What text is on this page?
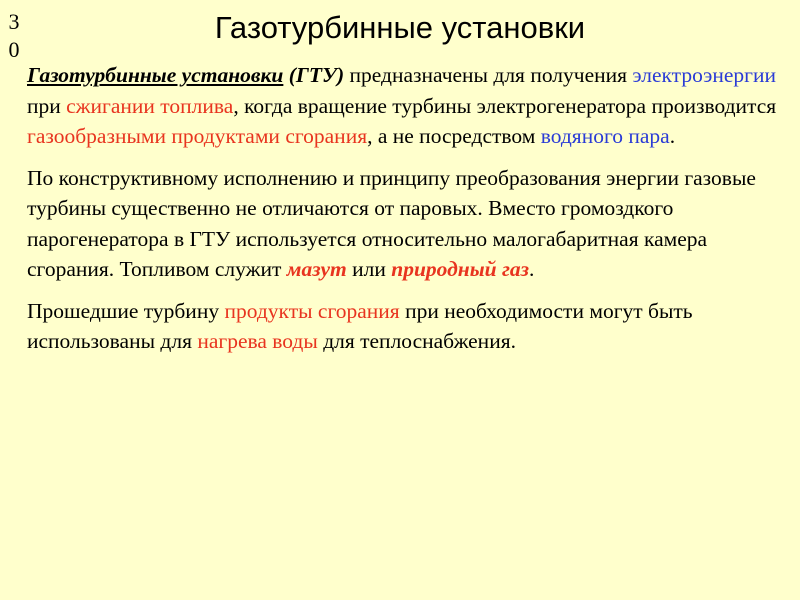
3
0
Газотурбинные установки

Газотурбинные установки (ГТУ) предназначены для получения электроэнергии при сжигании топлива, когда вращение турбины электрогенератора производится газообразными продуктами сгорания, а не посредством водяного пара.

По конструктивному исполнению и принципу преобразования энергии газовые турбины существенно не отличаются от паровых. Вместо громоздкого парогенератора в ГТУ используется относительно малогабаритная камера сгорания. Топливом служит мазут или природный газ.

Прошедшие турбину продукты сгорания при необходимости могут быть использованы для нагрева воды для теплоснабжения.
